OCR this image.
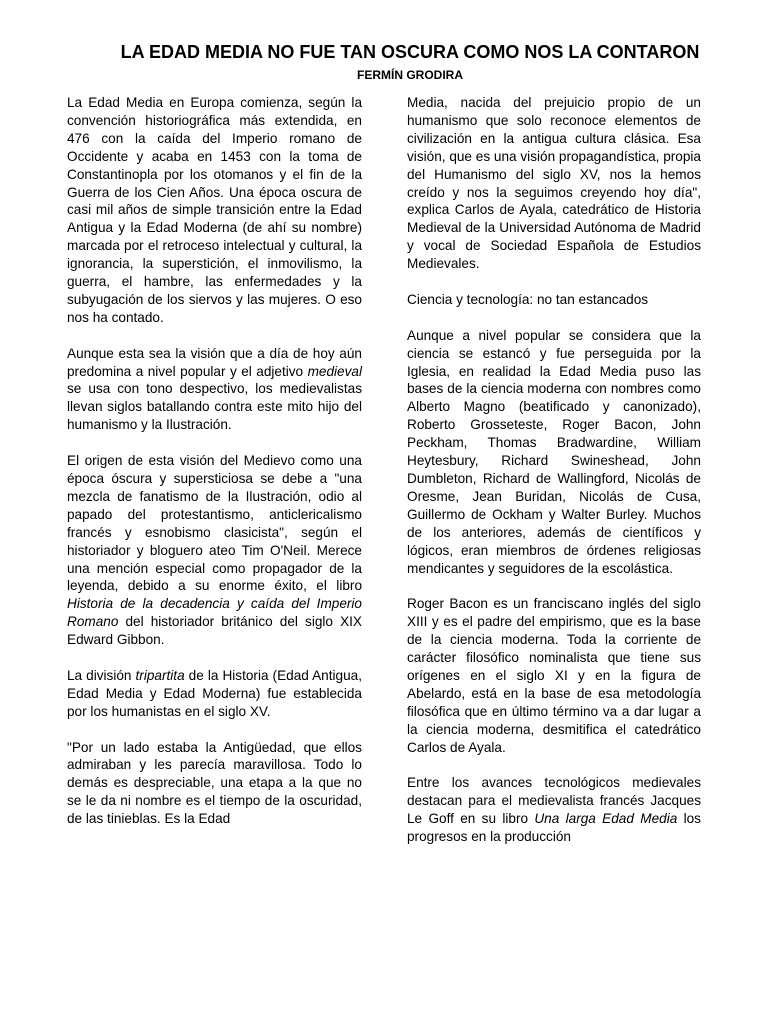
LA EDAD MEDIA NO FUE TAN OSCURA COMO NOS LA CONTARON
FERMÍN GRODIRA

La Edad Media en Europa comienza, según la convención historiográfica más extendida, en 476 con la caída del Imperio romano de Occidente y acaba en 1453 con la toma de Constantinopla por los otomanos y el fin de la Guerra de los Cien Años. Una época oscura de casi mil años de simple transición entre la Edad Antigua y la Edad Moderna (de ahí su nombre) marcada por el retroceso intelectual y cultural, la ignorancia, la superstición, el inmovilismo, la guerra, el hambre, las enfermedades y la subyugación de los siervos y las mujeres. O eso nos ha contado.

Aunque esta sea la visión que a día de hoy aún predomina a nivel popular y el adjetivo medieval se usa con tono despectivo, los medievalistas llevan siglos batallando contra este mito hijo del humanismo y la Ilustración.

El origen de esta visión del Medievo como una época óscura y supersticiosa se debe a "una mezcla de fanatismo de la Ilustración, odio al papado del protestantismo, anticlericalismo francés y esnobismo clasicista", según el historiador y bloguero ateo Tim O'Neil. Merece una mención especial como propagador de la leyenda, debido a su enorme éxito, el libro Historia de la decadencia y caída del Imperio Romano del historiador británico del siglo XIX Edward Gibbon.

La división tripartita de la Historia (Edad Antigua, Edad Media y Edad Moderna) fue establecida por los humanistas en el siglo XV.

"Por un lado estaba la Antigüedad, que ellos admiraban y les parecía maravillosa. Todo lo demás es despreciable, una etapa a la que no se le da ni nombre es el tiempo de la oscuridad, de las tinieblas. Es la Edad

Media, nacida del prejuicio propio de un humanismo que solo reconoce elementos de civilización en la antigua cultura clásica. Esa visión, que es una visión propagandística, propia del Humanismo del siglo XV, nos la hemos creído y nos la seguimos creyendo hoy día", explica Carlos de Ayala, catedrático de Historia Medieval de la Universidad Autónoma de Madrid y vocal de Sociedad Española de Estudios Medievales.

Ciencia y tecnología: no tan estancados

Aunque a nivel popular se considera que la ciencia se estancó y fue perseguida por la Iglesia, en realidad la Edad Media puso las bases de la ciencia moderna con nombres como Alberto Magno (beatificado y canonizado), Roberto Grosseteste, Roger Bacon, John Peckham, Thomas Bradwardine, William Heytesbury, Richard Swineshead, John Dumbleton, Richard de Wallingford, Nicolás de Oresme, Jean Buridan, Nicolás de Cusa, Guillermo de Ockham y Walter Burley. Muchos de los anteriores, además de científicos y lógicos, eran miembros de órdenes religiosas mendicantes y seguidores de la escolástica.

Roger Bacon es un franciscano inglés del siglo XIII y es el padre del empirismo, que es la base de la ciencia moderna. Toda la corriente de carácter filosófico nominalista que tiene sus orígenes en el siglo XI y en la figura de Abelardo, está en la base de esa metodología filosófica que en último término va a dar lugar a la ciencia moderna, desmitifica el catedrático Carlos de Ayala.

Entre los avances tecnológicos medievales destacan para el medievalista francés Jacques Le Goff en su libro Una larga Edad Media los progresos en la producción
